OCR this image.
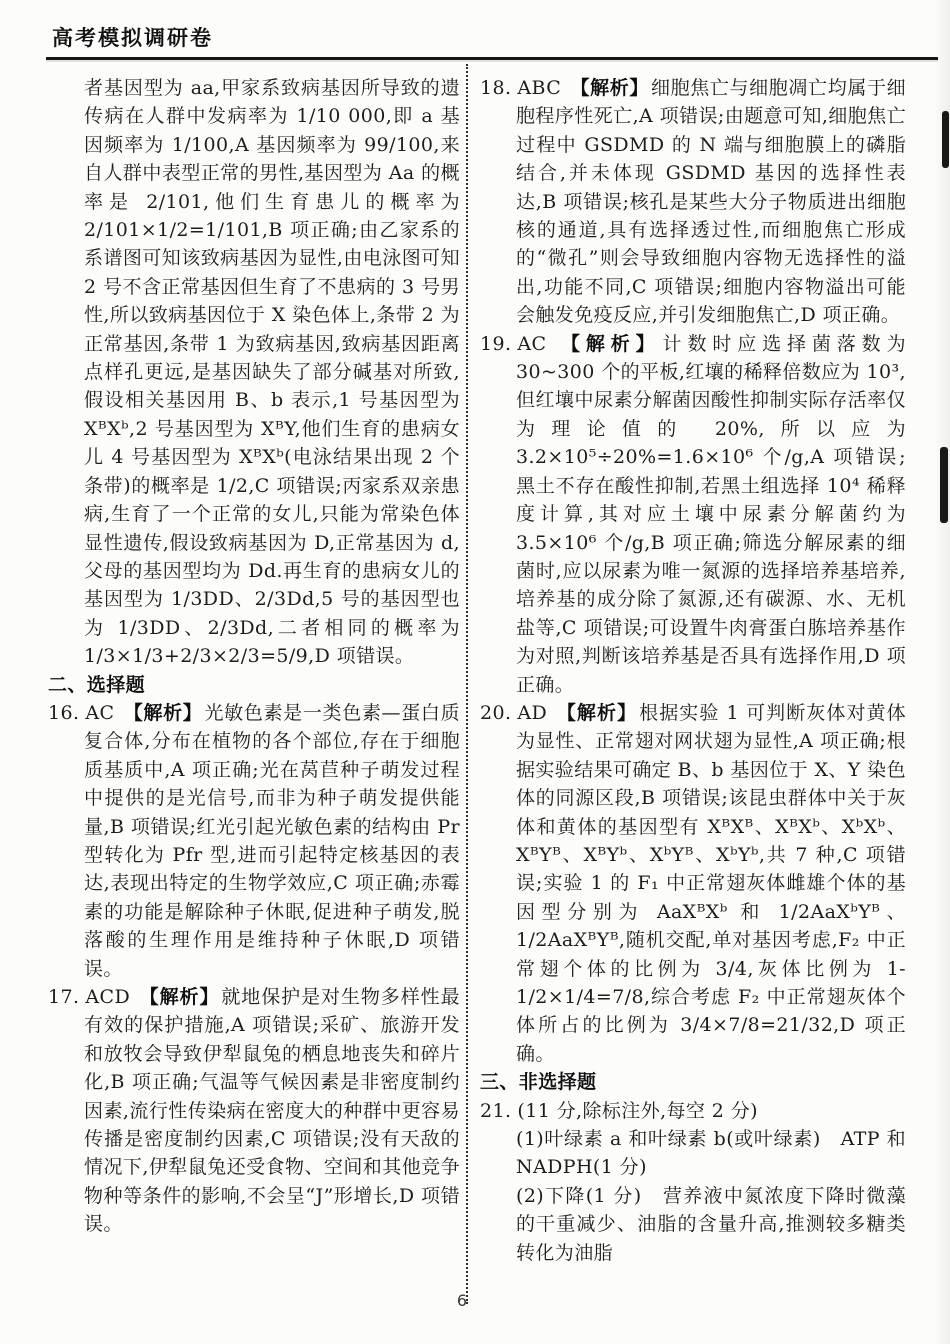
高考模拟调研卷

者基因型为 aa,甲家系致病基因所导致的遗传病在人群中发病率为 1/10 000,即 a 基因频率为 1/100,A 基因频率为 99/100,来自人群中表型正常的男性,基因型为 Aa 的概率是 2/101,他们生育患儿的概率为 2/101×1/2=1/101,B 项正确;由乙家系的系谱图可知该致病基因为显性,由电泳图可知 2 号不含正常基因但生育了不患病的 3 号男性,所以致病基因位于 X 染色体上,条带 2 为正常基因,条带 1 为致病基因,致病基因距离点样孔更远,是基因缺失了部分碱基对所致,假设相关基因用 B、b 表示,1 号基因型为 XᴮXᵇ,2 号基因型为 XᴮY,他们生育的患病女儿 4 号基因型为 XᴮXᵇ(电泳结果出现 2 个条带)的概率是 1/2,C 项错误;丙家系双亲患病,生育了一个正常的女儿,只能为常染色体显性遗传,假设致病基因为 D,正常基因为 d,父母的基因型均为 Dd.再生育的患病女儿的基因型为 1/3DD、2/3Dd,5 号的基因型也为 1/3DD、2/3Dd,二者相同的概率为 1/3×1/3+2/3×2/3=5/9,D 项错误。

二、选择题

16. AC 【解析】 光敏色素是一类色素—蛋白质复合体,分布在植物的各个部位,存在于细胞质基质中,A 项正确;光在莴苣种子萌发过程中提供的是光信号,而非为种子萌发提供能量,B 项错误;红光引起光敏色素的结构由 Pr 型转化为 Pfr 型,进而引起特定核基因的表达,表现出特定的生物学效应,C 项正确;赤霉素的功能是解除种子休眠,促进种子萌发,脱落酸的生理作用是维持种子休眠,D 项错误。

17. ACD 【解析】 就地保护是对生物多样性最有效的保护措施,A 项错误;采矿、旅游开发和放牧会导致伊犁鼠兔的栖息地丧失和碎片化,B 项正确;气温等气候因素是非密度制约因素,流行性传染病在密度大的种群中更容易传播是密度制约因素,C 项错误;没有天敌的情况下,伊犁鼠兔还受食物、空间和其他竞争物种等条件的影响,不会呈“J”形增长,D 项错误。

18. ABC 【解析】 细胞焦亡与细胞凋亡均属于细胞程序性死亡,A 项错误;由题意可知,细胞焦亡过程中 GSDMD 的 N 端与细胞膜上的磷脂结合,并未体现 GSDMD 基因的选择性表达,B 项错误;核孔是某些大分子物质进出细胞核的通道,具有选择透过性,而细胞焦亡形成的“微孔”则会导致细胞内容物无选择性的溢出,功能不同,C 项错误;细胞内容物溢出可能会触发免疫反应,并引发细胞焦亡,D 项正确。

19. AC 【解析】 计数时应选择菌落数为 30~300 个的平板,红壤的稀释倍数应为 10³,但红壤中尿素分解菌因酸性抑制实际存活率仅为理论值的 20%,所以应为 3.2×10⁵÷20%=1.6×10⁶ 个/g,A 项错误;黑土不存在酸性抑制,若黑土组选择 10⁴ 稀释度计算,其对应土壤中尿素分解菌约为 3.5×10⁶ 个/g,B 项正确;筛选分解尿素的细菌时,应以尿素为唯一氮源的选择培养基培养,培养基的成分除了氮源,还有碳源、水、无机盐等,C 项错误;可设置牛肉膏蛋白胨培养基作为对照,判断该培养基是否具有选择作用,D 项正确。

20. AD 【解析】 根据实验 1 可判断灰体对黄体为显性、正常翅对网状翅为显性,A 项正确;根据实验结果可确定 B、b 基因位于 X、Y 染色体的同源区段,B 项错误;该昆虫群体中关于灰体和黄体的基因型有 XᴮXᴮ、XᴮXᵇ、XᵇXᵇ、XᴮYᴮ、XᴮYᵇ、XᵇYᴮ、XᵇYᵇ,共 7 种,C 项错误;实验 1 的 F₁ 中正常翅灰体雌雄个体的基因型分别为 AaXᴮXᵇ 和 1/2AaXᵇYᴮ、1/2AaXᴮYᴮ,随机交配,单对基因考虑,F₂ 中正常翅个体的比例为 3/4,灰体比例为 1-1/2×1/4=7/8,综合考虑 F₂ 中正常翅灰体个体所占的比例为 3/4×7/8=21/32,D 项正确。

三、非选择题

21. (11 分,除标注外,每空 2 分)

(1)叶绿素 a 和叶绿素 b(或叶绿素)　ATP 和 NADPH(1 分)

(2)下降(1 分)　营养液中氮浓度下降时微藻的干重减少、油脂的含量升高,推测较多糖类转化为油脂

6
